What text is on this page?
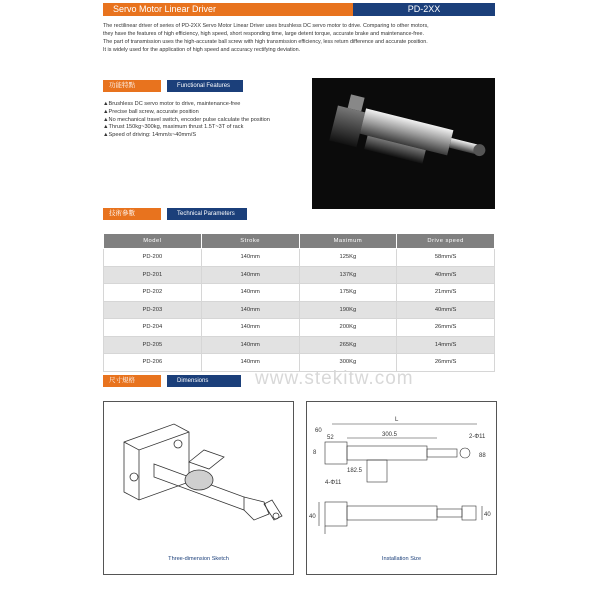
Servo Motor Linear Driver	PD-2XX

The rectilinear driver of series of PD-2XX Servo Motor Linear Driver uses brushless DC servo motor to drive. Comparing to other motors,

they have the features of high efficiency, high speed, short responding time, large detent torque, accurate brake and maintenance-free.

The part of transmission uses the high-accurate ball screw with high transmission efficiency, less return difference and accurate position.

It is widely used for the application of high speed and accuracy rectifying deviation.

功能特點	Functional Features

▲Brushless DC servo motor to drive, maintenance-free

▲Precise ball screw, accurate position

▲No mechanical travel switch, encoder pulse calculate the position

▲Thrust 150kg~300kg, maximum thrust 1.5T~3T of rack

▲Speed of driving: 14mm/s~40mm/S

技術參數	Technical Parameters
Model	Stroke	Maximum	Drive speed
PD-200	140mm	125Kg	58mm/S
PD-201	140mm	137Kg	40mm/S
PD-202	140mm	175Kg	21mm/S
PD-203	140mm	190Kg	40mm/S
PD-204	140mm	200Kg	26mm/S
PD-205	140mm	265Kg	14mm/S
PD-206	140mm	300Kg	26mm/S
尺寸規格	Dimensions	www.stekitw.com
Three-dimension Sketch
L
60
52	300.5
8
182.5
4-Φ11
2-Φ11
88
40	40
Installation Size
